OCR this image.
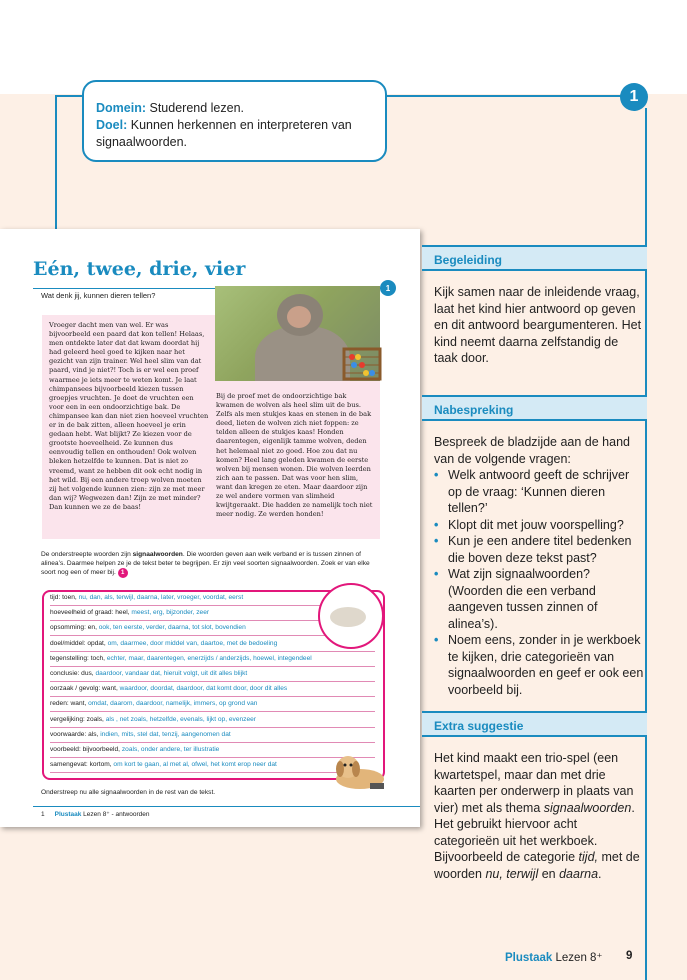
1
Domein: Studerend lezen.
Doel: Kunnen herkennen en interpreteren van signaalwoorden.
Eén, twee, drie, vier
Wat denk jij, kunnen dieren tellen?
1
Vroeger dacht men van wel. Er was bijvoorbeeld een paard dat kon tellen! Helaas, men ontdekte later dat dat kwam doordat hij had geleerd heel goed te kijken naar het gezicht van zijn trainer. Wel heel slim van dat paard, vind je niet?! Toch is er wel een proef waarmee je iets meer te weten komt. Je laat chimpansees bijvoorbeeld kiezen tussen groepjes vruchten. Je doet de vruchten een voor een in een ondoorzichtige bak. De chimpansee kan dan niet zien hoeveel vruchten er in de bak zitten, alleen hoeveel je erin gedaan hebt. Wat blijkt? Ze kiezen voor de grootste hoeveelheid. Ze kunnen dus eenvoudig tellen en onthouden! Ook wolven bleken hetzelfde te kunnen. Dat is niet zo vreemd, want ze hebben dit ook echt nodig in het wild. Bij een andere troep wolven moeten zij het volgende kunnen zien: zijn ze met meer dan wij? Wegwezen dan! Zijn ze met minder? Dan kunnen we ze de baas!
Bij de proef met de ondoorzichtige bak kwamen de wolven als heel slim uit de bus. Zelfs als men stukjes kaas en stenen in de bak deed, lieten de wolven zich niet foppen: ze telden alleen de stukjes kaas! Honden daarentegen, eigenlijk tamme wolven, deden het helemaal niet zo goed. Hoe zou dat nu komen? Heel lang geleden kwamen de eerste wolven bij mensen wonen. Die wolven leerden zich aan te passen. Dat was voor hen slim, want dan kregen ze eten. Maar daardoor zijn ze wel andere vormen van slimheid kwijtgeraakt. Die hadden ze namelijk toch niet meer nodig. Ze werden honden!
De onderstreepte woorden zijn signaalwoorden. Die woorden geven aan welk verband er is tussen zinnen of alinea’s. Daarmee helpen ze je de tekst beter te begrijpen. Er zijn veel soorten signaalwoorden. Zoek er van elke soort nog een of meer bij. 1
tijd: toen, nu, dan, als, terwijl, daarna, later, vroeger, voordat, eerst
hoeveelheid of graad: heel, meest, erg, bijzonder, zeer
opsomming: en, ook, ten eerste, verder, daarna, tot slot, bovendien
doel/middel: opdat, om, daarmee, door middel van, daartoe, met de bedoeling
tegenstelling: toch, echter, maar, daarentegen, enerzijds / anderzijds, hoewel, integendeel
conclusie: dus, daardoor, vandaar dat, hieruit volgt, uit dit alles blijkt
oorzaak / gevolg: want, waardoor, doordat, daardoor, dat komt door, door dit alles
reden: want, omdat, daarom, daardoor, namelijk, immers, op grond van
vergelijking: zoals, als , net zoals, hetzelfde, evenals, lijkt op, evenzeer
voorwaarde: als, indien, mits, stel dat, tenzij, aangenomen dat
voorbeeld: bijvoorbeeld, zoals, onder andere, ter illustratie
samengevat: kortom, om kort te gaan, al met al, ofwel, het komt erop neer dat
Onderstreep nu alle signaalwoorden in de rest van de tekst.
1 Plustaak Lezen 8⁺ - antwoorden
Begeleiding
Kijk samen naar de inleidende vraag, laat het kind hier antwoord op geven en dit antwoord beargumenteren. Het kind neemt daarna zelfstandig de taak door.
Nabespreking
Bespreek de bladzijde aan de hand van de volgende vragen:
• Welk antwoord geeft de schrijver op de vraag: ‘Kunnen dieren tellen?’
• Klopt dit met jouw voorspelling?
• Kun je een andere titel bedenken die boven deze tekst past?
• Wat zijn signaalwoorden? (Woorden die een verband aangeven tussen zinnen of alinea’s).
• Noem eens, zonder in je werkboek te kijken, drie categorieën van signaalwoorden en geef er ook een voorbeeld bij.
Extra suggestie
Het kind maakt een trio-spel (een kwartetspel, maar dan met drie kaarten per onderwerp in plaats van vier) met als thema signaalwoorden. Het gebruikt hiervoor acht categorieën uit het werkboek. Bijvoorbeeld de categorie tijd, met de woorden nu, terwijl en daarna.
Plustaak Lezen 8⁺ 9
